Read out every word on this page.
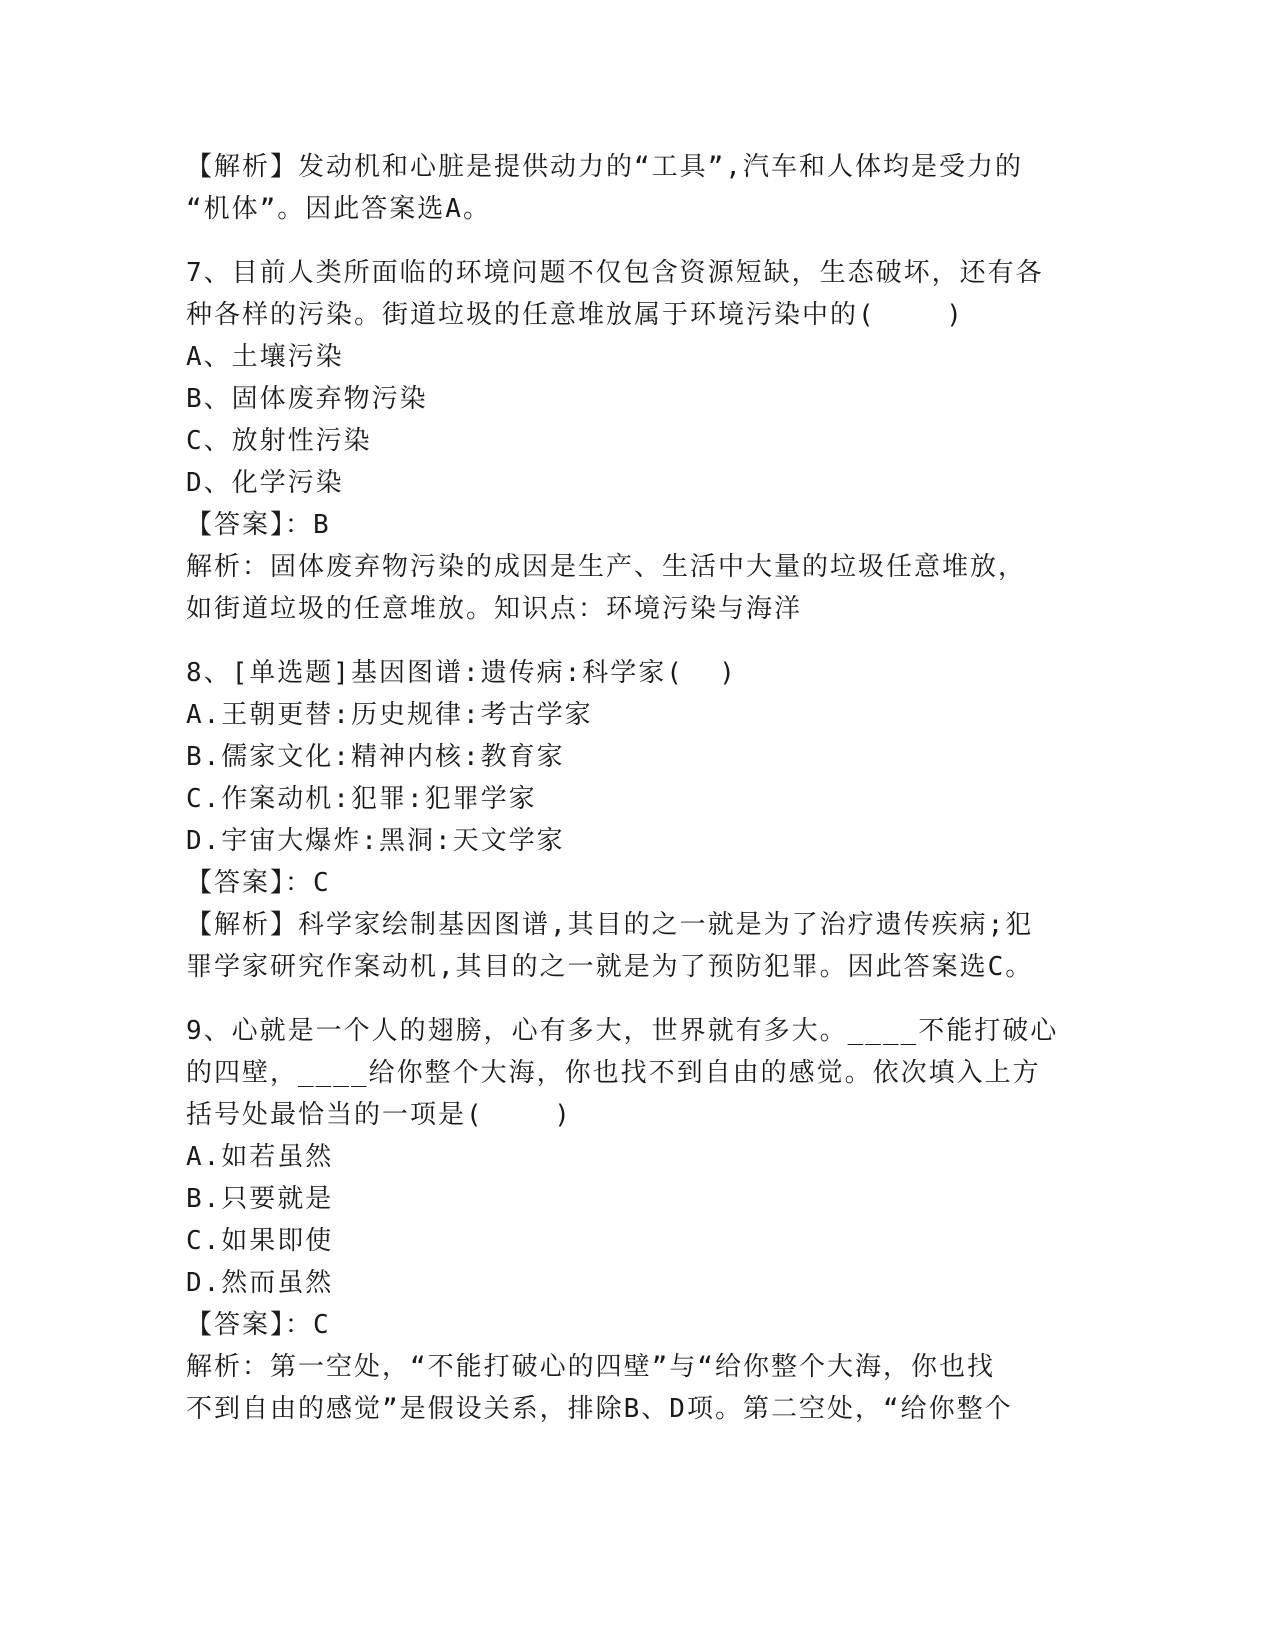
【解析】发动机和心脏是提供动力的“工具”,汽车和人体均是受力的
“机体”。因此答案选A。
7、目前人类所面临的环境问题不仅包含资源短缺，生态破坏，还有各
种各样的污染。街道垃圾的任意堆放属于环境污染中的(    )
A、土壤污染
B、固体废弃物污染
C、放射性污染
D、化学污染
【答案】：B
解析：固体废弃物污染的成因是生产、生活中大量的垃圾任意堆放，
如街道垃圾的任意堆放。知识点：环境污染与海洋
8、[单选题]基因图谱:遗传病:科学家(  )
A.王朝更替:历史规律:考古学家
B.儒家文化:精神内核:教育家
C.作案动机:犯罪:犯罪学家
D.宇宙大爆炸:黑洞:天文学家
【答案】：C
【解析】科学家绘制基因图谱,其目的之一就是为了治疗遗传疾病;犯
罪学家研究作案动机,其目的之一就是为了预防犯罪。因此答案选C。
9、心就是一个人的翅膀，心有多大，世界就有多大。____不能打破心
的四壁，____给你整个大海，你也找不到自由的感觉。依次填入上方
括号处最恰当的一项是(    )
A.如若虽然
B.只要就是
C.如果即使
D.然而虽然
【答案】：C
解析：第一空处，“不能打破心的四壁”与“给你整个大海，你也找
不到自由的感觉”是假设关系，排除B、D项。第二空处，“给你整个
